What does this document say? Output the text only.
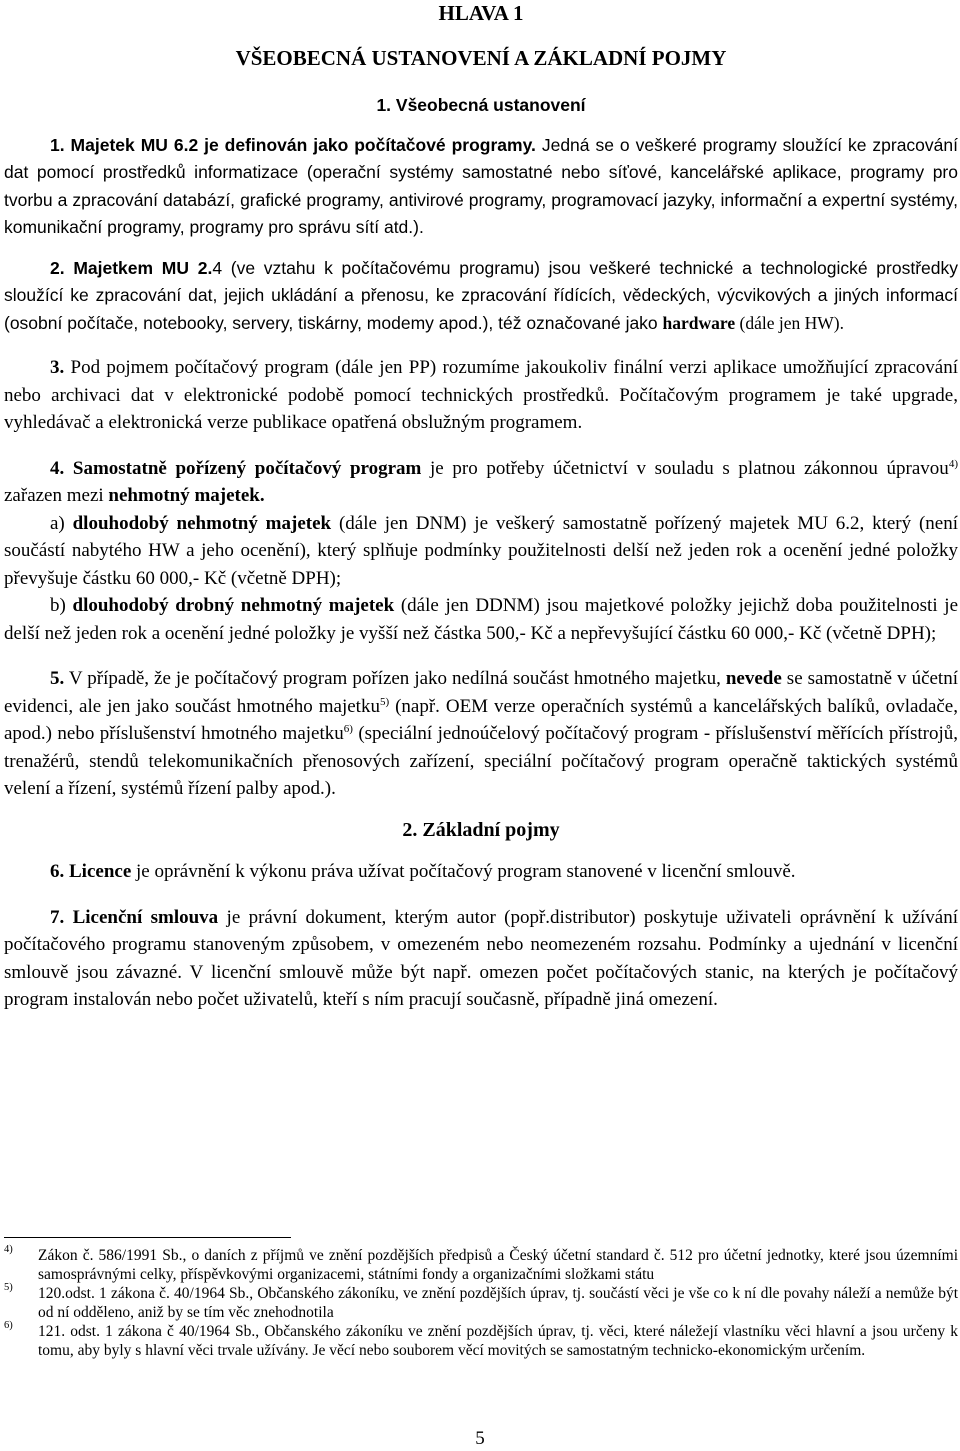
HLAVA 1

VŠEOBECNÁ USTANOVENÍ A ZÁKLADNÍ POJMY

1. Všeobecná ustanovení

1. Majetek MU 6.2 je definován jako počítačové programy. Jedná se o veškeré programy sloužící ke zpracování dat pomocí prostředků informatizace (operační systémy samostatné nebo síťové, kancelářské aplikace, programy pro tvorbu a zpracování databází, grafické programy, antivirové programy, programovací jazyky, informační a expertní systémy, komunikační programy, programy pro správu sítí atd.).

2. Majetkem MU 2.4 (ve vztahu k počítačovému programu) jsou veškeré technické a technologické prostředky sloužící ke zpracování dat, jejich ukládání a přenosu, ke zpracování řídících, vědeckých, výcvikových a jiných informací (osobní počítače, notebooky, servery, tiskárny, modemy apod.), též označované jako hardware (dále jen HW).

3. Pod pojmem počítačový program (dále jen PP) rozumíme jakoukoliv finální verzi aplikace umožňující zpracování nebo archivaci dat v elektronické podobě pomocí technických prostředků. Počítačovým programem je také upgrade, vyhledávač a elektronická verze publikace opatřená obslužným programem.

4. Samostatně pořízený počítačový program je pro potřeby účetnictví v souladu s platnou zákonnou úpravou$^{4)}$ zařazen mezi nehmotný majetek.

a) dlouhodobý nehmotný majetek (dále jen DNM) je veškerý samostatně pořízený majetek MU 6.2, který (není součástí nabytého HW a jeho ocenění), který splňuje podmínky použitelnosti delší než jeden rok a ocenění jedné položky převyšuje částku 60 000,- Kč (včetně DPH);

b) dlouhodobý drobný nehmotný majetek (dále jen DDNM) jsou majetkové položky jejichž doba použitelnosti je delší než jeden rok a ocenění jedné položky je vyšší než částka 500,- Kč a nepřevyšující částku 60 000,- Kč (včetně DPH);

5. V případě, že je počítačový program pořízen jako nedílná součást hmotného majetku, nevede se samostatně v účetní evidenci, ale jen jako součást hmotného majetku$^{5)}$ (např. OEM verze operačních systémů a kancelářských balíků, ovladače, apod.) nebo příslušenství hmotného majetku$^{6)}$ (speciální jednoúčelový počítačový program - příslušenství měřících přístrojů, trenažérů, stendů telekomunikačních přenosových zařízení, speciální počítačový program operačně taktických systémů velení a řízení, systémů řízení palby apod.).

2. Základní pojmy

6. Licence je oprávnění k výkonu práva užívat počítačový program stanovené v licenční smlouvě.

7. Licenční smlouva je právní dokument, kterým autor (popř.distributor) poskytuje uživateli oprávnění k užívání počítačového programu stanoveným způsobem, v omezeném nebo neomezeném rozsahu. Podmínky a ujednání v licenční smlouvě jsou závazné. V licenční smlouvě může být např. omezen počet počítačových stanic, na kterých je počítačový program instalován nebo počet uživatelů, kteří s ním pracují současně, případně jiná omezení.

4) Zákon č. 586/1991 Sb., o daních z příjmů ve znění pozdějších předpisů a Český účetní standard č. 512 pro účetní jednotky, které jsou územními samosprávnými celky, příspěvkovými organizacemi, státními fondy a organizačními složkami státu
5) 120.odst. 1 zákona č. 40/1964 Sb., Občanského zákoníku, ve znění pozdějších úprav, tj. součástí věci je vše co k ní dle povahy náleží a nemůže být od ní odděleno, aniž by se tím věc znehodnotila
6) 121. odst. 1 zákona č 40/1964 Sb., Občanského zákoníku ve znění pozdějších úprav, tj. věci, které náležejí vlastníku věci hlavní a jsou určeny k tomu, aby byly s hlavní věci trvale užívány. Je věcí nebo souborem věcí movitých se samostatným technicko-ekonomickým určením.
5
